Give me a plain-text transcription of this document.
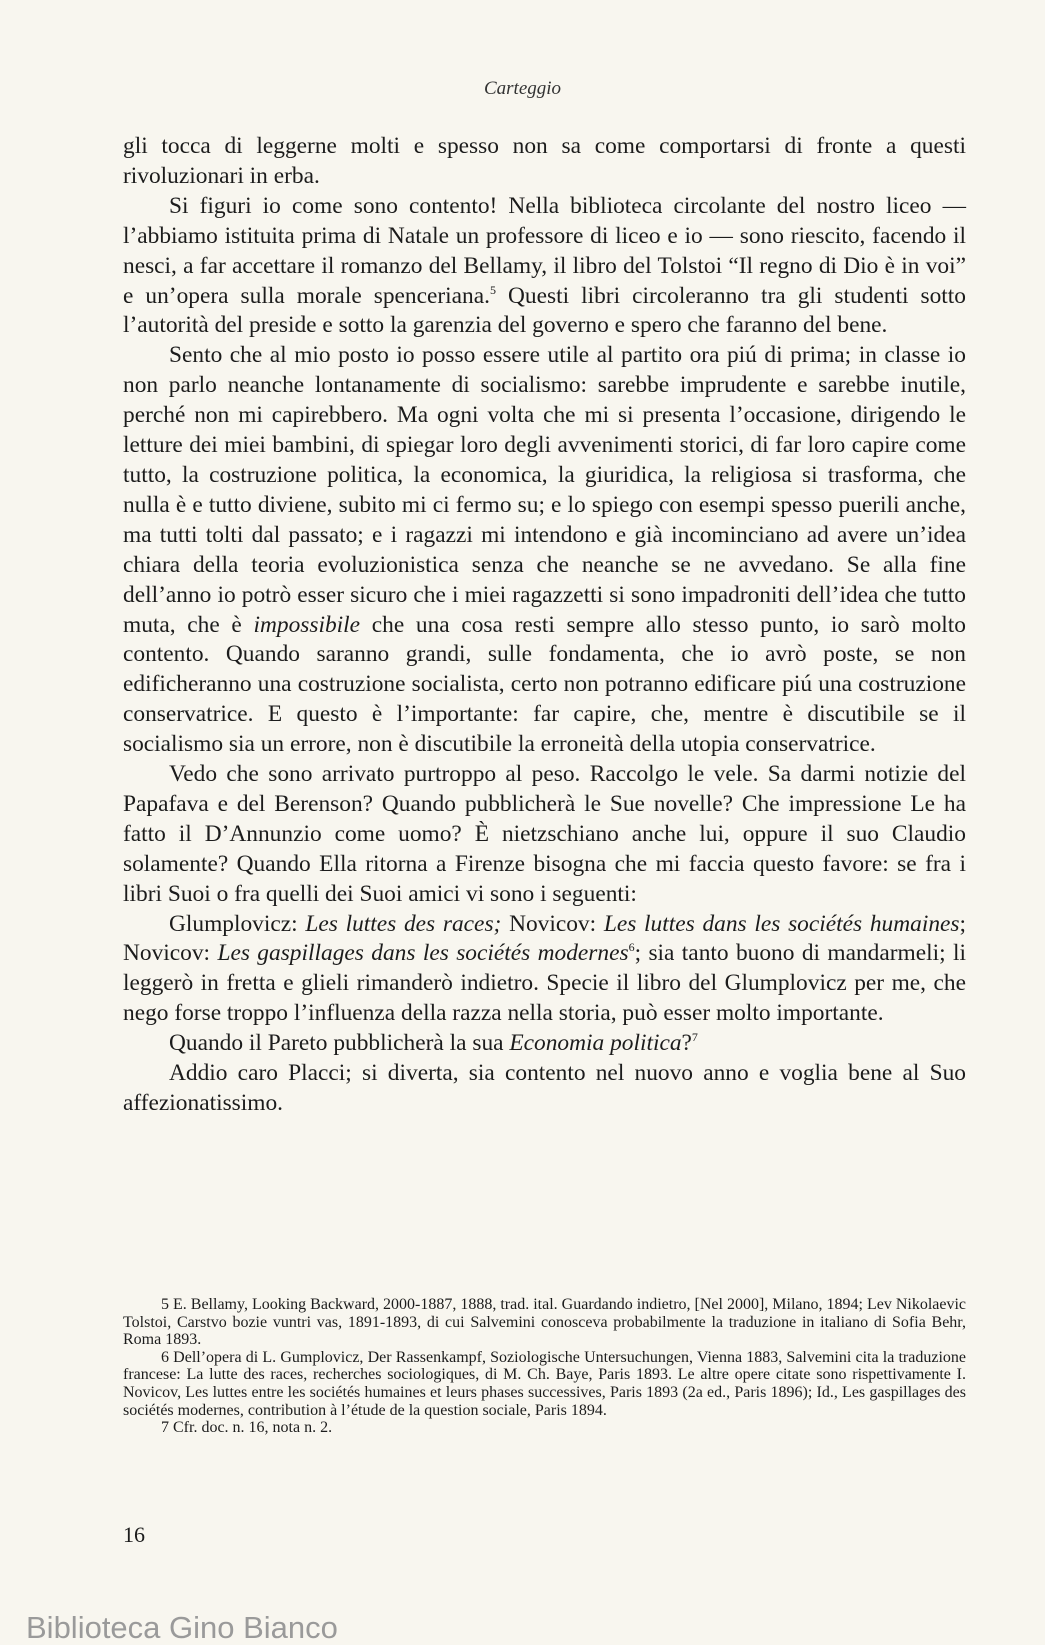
Carteggio

gli tocca di leggerne molti e spesso non sa come comportarsi di fronte a questi rivoluzionari in erba.

Si figuri io come sono contento! Nella biblioteca circolante del nostro liceo — l’abbiamo istituita prima di Natale un professore di liceo e io — sono riescito, facendo il nesci, a far accettare il romanzo del Bellamy, il libro del Tolstoi “Il regno di Dio è in voi” e un’opera sulla morale spenceriana.$^5$ Questi libri circoleranno tra gli studenti sotto l’autorità del preside e sotto la garenzia del governo e spero che faranno del bene.

Sento che al mio posto io posso essere utile al partito ora piú di prima; in classe io non parlo neanche lontanamente di socialismo: sarebbe imprudente e sarebbe inutile, perché non mi capirebbero. Ma ogni volta che mi si presenta l’occasione, dirigendo le letture dei miei bambini, di spiegar loro degli avvenimenti storici, di far loro capire come tutto, la costruzione politica, la economica, la giuridica, la religiosa si trasforma, che nulla è e tutto diviene, subito mi ci fermo su; e lo spiego con esempi spesso puerili anche, ma tutti tolti dal passato; e i ragazzi mi intendono e già incominciano ad avere un’idea chiara della teoria evoluzionistica senza che neanche se ne avvedano. Se alla fine dell’anno io potrò esser sicuro che i miei ragazzetti si sono impadroniti dell’idea che tutto muta, che è impossibile che una cosa resti sempre allo stesso punto, io sarò molto contento. Quando saranno grandi, sulle fondamenta, che io avrò poste, se non edificheranno una costruzione socialista, certo non potranno edificare piú una costruzione conservatrice. E questo è l’importante: far capire, che, mentre è discutibile se il socialismo sia un errore, non è discutibile la erroneità della utopia conservatrice.

Vedo che sono arrivato purtroppo al peso. Raccolgo le vele. Sa darmi notizie del Papafava e del Berenson? Quando pubblicherà le Sue novelle? Che impressione Le ha fatto il D’Annunzio come uomo? È nietzschiano anche lui, oppure il suo Claudio solamente? Quando Ella ritorna a Firenze bisogna che mi faccia questo favore: se fra i libri Suoi o fra quelli dei Suoi amici vi sono i seguenti:

Glumplovicz: Les luttes des races; Novicov: Les luttes dans les sociétés humaines; Novicov: Les gaspillages dans les sociétés modernes$^6$; sia tanto buono di mandarmeli; li leggerò in fretta e glieli rimanderò indietro. Specie il libro del Glumplovicz per me, che nego forse troppo l’influenza della razza nella storia, può esser molto importante.

Quando il Pareto pubblicherà la sua Economia politica?$^7$

Addio caro Placci; si diverta, sia contento nel nuovo anno e voglia bene al Suo affezionatissimo.

5 E. Bellamy, Looking Backward, 2000-1887, 1888, trad. ital. Guardando indietro, [Nel 2000], Milano, 1894; Lev Nikolaevic Tolstoi, Carstvo bozie vuntri vas, 1891-1893, di cui Salvemini conosceva probabilmente la traduzione in italiano di Sofia Behr, Roma 1893.

6 Dell’opera di L. Gumplovicz, Der Rassenkampf, Soziologische Untersuchungen, Vienna 1883, Salvemini cita la traduzione francese: La lutte des races, recherches sociologiques, di M. Ch. Baye, Paris 1893. Le altre opere citate sono rispettivamente I. Novicov, Les luttes entre les sociétés humaines et leurs phases successives, Paris 1893 (2a ed., Paris 1896); Id., Les gaspillages des sociétés modernes, contribution à l’étude de la question sociale, Paris 1894.

7 Cfr. doc. n. 16, nota n. 2.

16
Biblioteca Gino Bianco
